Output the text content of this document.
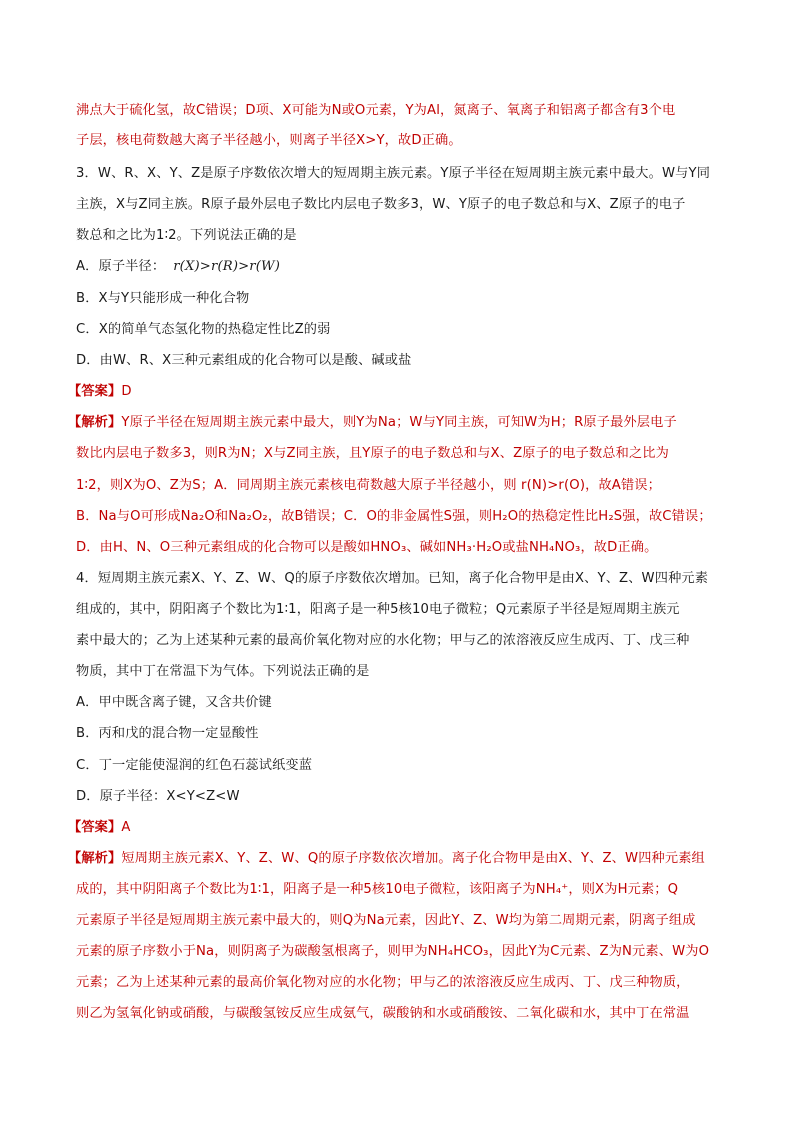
沸点大于硫化氢，故C错误；D项、X可能为N或O元素，Y为Al，氮离子、氧离子和铝离子都含有3个电
子层，核电荷数越大离子半径越小，则离子半径X>Y，故D正确。
3．W、R、X、Y、Z是原子序数依次增大的短周期主族元素。Y原子半径在短周期主族元素中最大。W与Y同
主族，X与Z同主族。R原子最外层电子数比内层电子数多3，W、Y原子的电子数总和与X、Z原子的电子
数总和之比为1∶2。下列说法正确的是
A．原子半径： r(X)>r(R)>r(W)
B．X与Y只能形成一种化合物
C．X的简单气态氢化物的热稳定性比Z的弱
D．由W、R、X三种元素组成的化合物可以是酸、碱或盐
【答案】D
【解析】Y原子半径在短周期主族元素中最大，则Y为Na；W与Y同主族，可知W为H；R原子最外层电子
数比内层电子数多3，则R为N；X与Z同主族，且Y原子的电子数总和与X、Z原子的电子数总和之比为
1∶2，则X为O、Z为S；A．同周期主族元素核电荷数越大原子半径越小，则 r(N)>r(O)，故A错误；
B．Na与O可形成Na₂O和Na₂O₂，故B错误；C．O的非金属性S强，则H₂O的热稳定性比H₂S强，故C错误；
D．由H、N、O三种元素组成的化合物可以是酸如HNO₃、碱如NH₃·H₂O或盐NH₄NO₃，故D正确。
4．短周期主族元素X、Y、Z、W、Q的原子序数依次增加。已知，离子化合物甲是由X、Y、Z、W四种元素
组成的，其中，阴阳离子个数比为1∶1，阳离子是一种5核10电子微粒；Q元素原子半径是短周期主族元
素中最大的；乙为上述某种元素的最高价氧化物对应的水化物；甲与乙的浓溶液反应生成丙、丁、戊三种
物质，其中丁在常温下为气体。下列说法正确的是
A．甲中既含离子键，又含共价键
B．丙和戊的混合物一定显酸性
C．丁一定能使湿润的红色石蕊试纸变蓝
D．原子半径：X<Y<Z<W
【答案】A
【解析】短周期主族元素X、Y、Z、W、Q的原子序数依次增加。离子化合物甲是由X、Y、Z、W四种元素组
成的，其中阴阳离子个数比为1∶1，阳离子是一种5核10电子微粒，该阳离子为NH₄⁺，则X为H元素；Q
元素原子半径是短周期主族元素中最大的，则Q为Na元素，因此Y、Z、W均为第二周期元素，阴离子组成
元素的原子序数小于Na，则阴离子为碳酸氢根离子，则甲为NH₄HCO₃，因此Y为C元素、Z为N元素、W为O
元素；乙为上述某种元素的最高价氧化物对应的水化物；甲与乙的浓溶液反应生成丙、丁、戊三种物质，
则乙为氢氧化钠或硝酸，与碳酸氢铵反应生成氨气，碳酸钠和水或硝酸铵、二氧化碳和水，其中丁在常温
